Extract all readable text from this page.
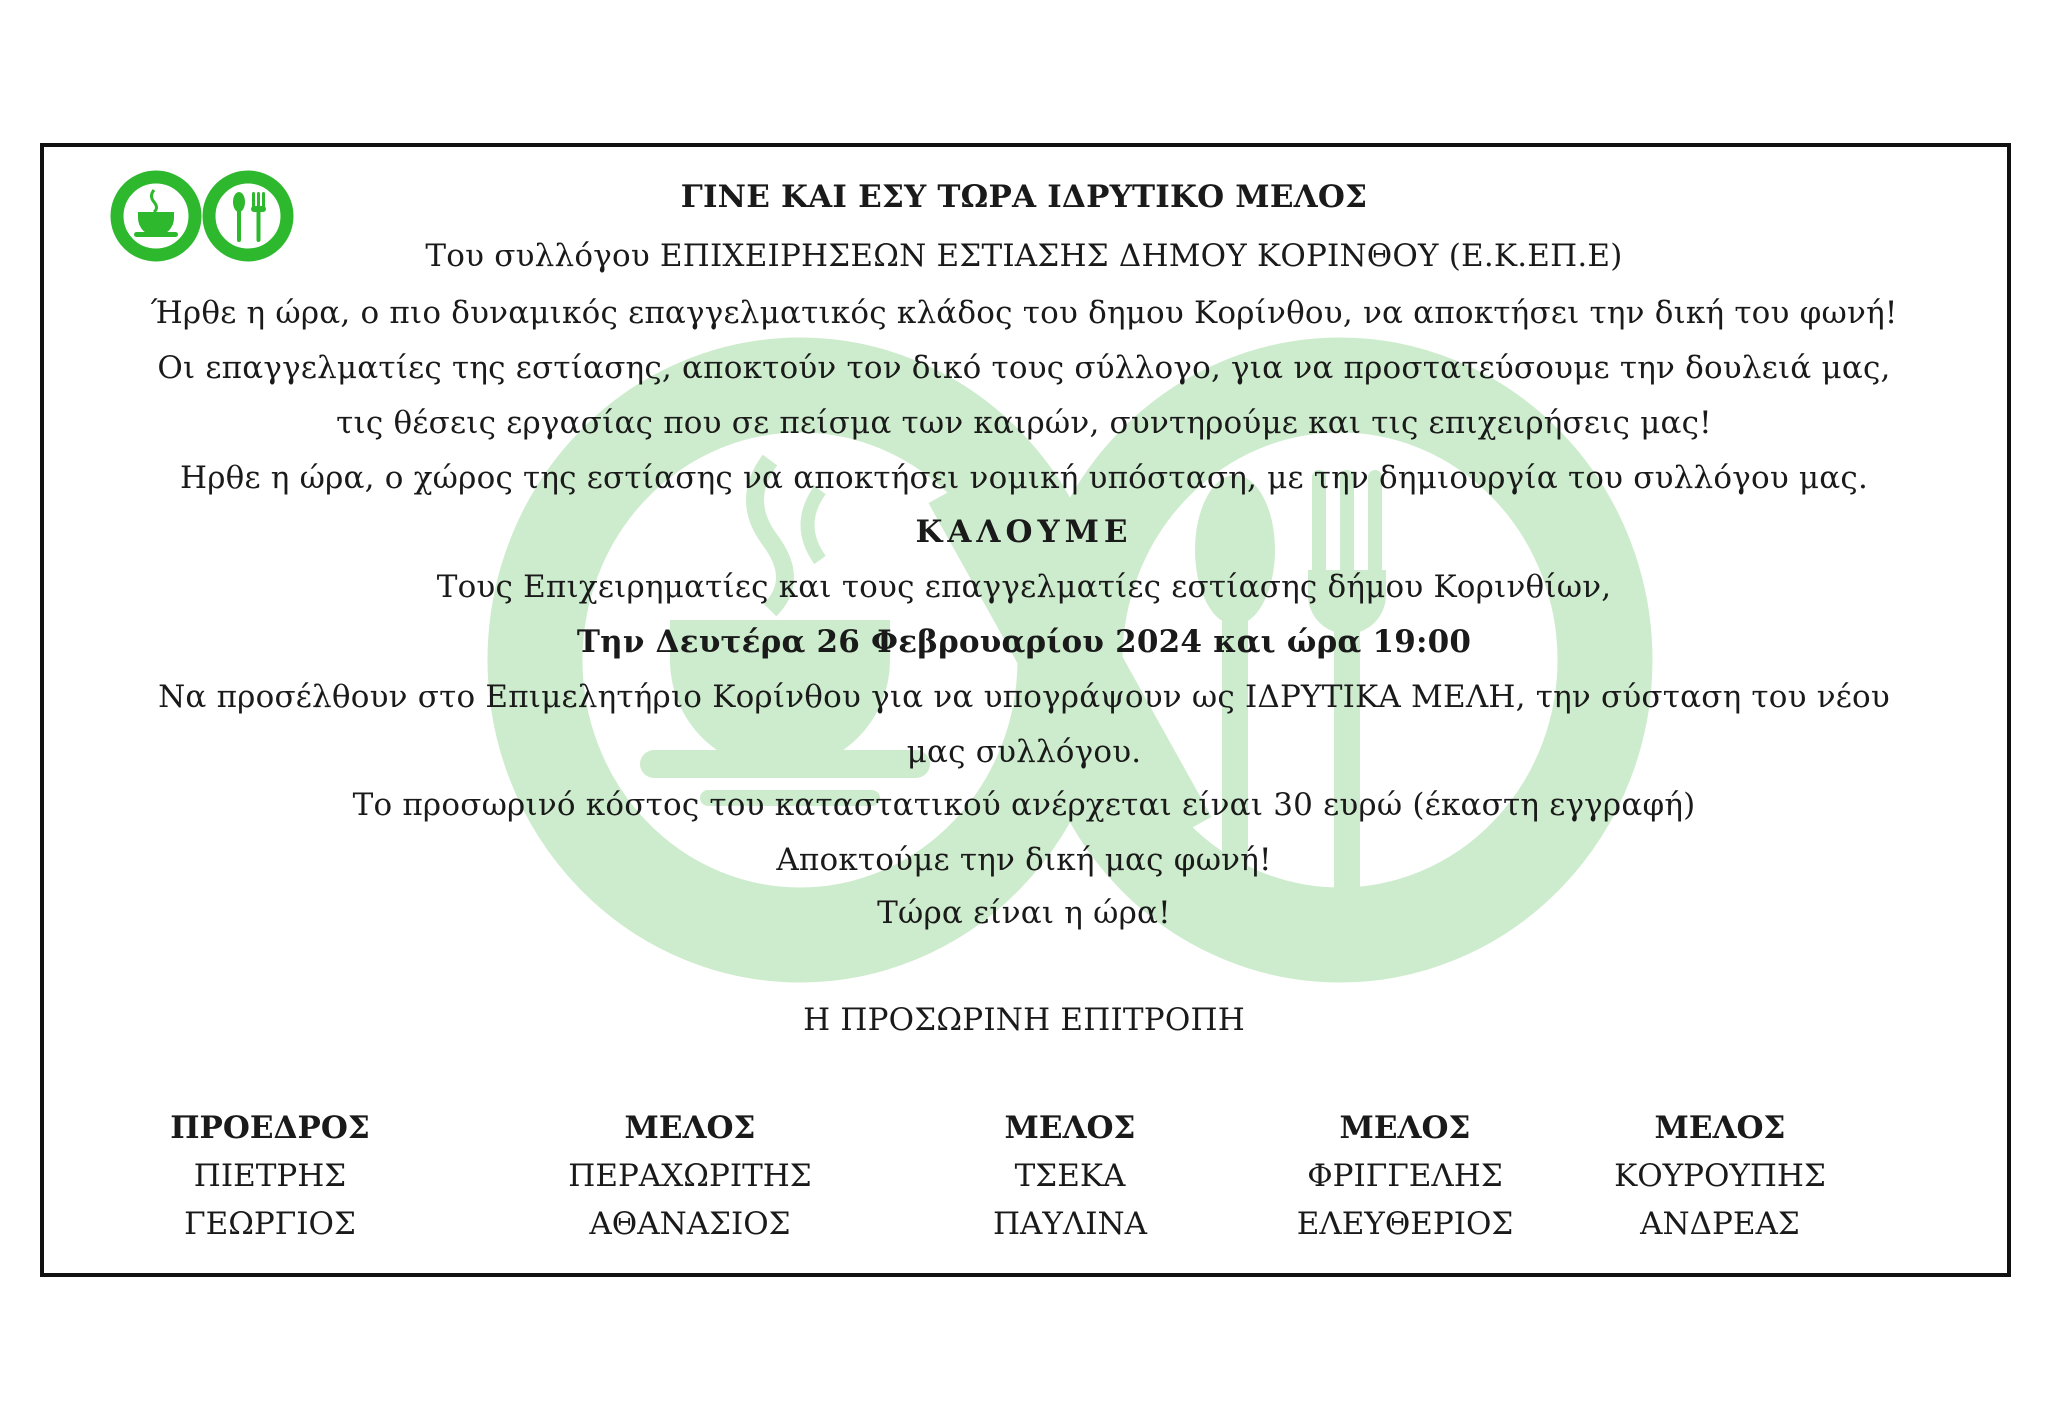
ΓΙΝΕ ΚΑΙ ΕΣΥ ΤΩΡΑ ΙΔΡΥΤΙΚΟ ΜΕΛΟΣ
Του συλλόγου ΕΠΙΧΕΙΡΗΣΕΩΝ ΕΣΤΙΑΣΗΣ ΔΗΜΟΥ ΚΟΡΙΝΘΟΥ (Ε.Κ.ΕΠ.Ε)
Ήρθε η ώρα, ο πιο δυναμικός επαγγελματικός κλάδος του δημου Κορίνθου, να αποκτήσει την δική του φωνή!
Οι επαγγελματίες της εστίασης, αποκτούν τον δικό τους σύλλογο, για να προστατεύσουμε την δουλειά μας,
τις θέσεις εργασίας που σε πείσμα των καιρών, συντηρούμε και τις επιχειρήσεις μας!
Ηρθε η ώρα, ο χώρος της εστίασης να αποκτήσει νομική υπόσταση, με την δημιουργία του συλλόγου μας.
ΚΑΛΟΥΜΕ
Τους Επιχειρηματίες και τους επαγγελματίες εστίασης δήμου Κορινθίων,
Την Δευτέρα 26 Φεβρουαρίου 2024 και ώρα 19:00
Να προσέλθουν στο Επιμελητήριο Κορίνθου για να υπογράψουν ως ΙΔΡΥΤΙΚΑ ΜΕΛΗ, την σύσταση του νέου
μας συλλόγου.
Το προσωρινό κόστος του καταστατικού ανέρχεται είναι 30 ευρώ (έκαστη εγγραφή)
Αποκτούμε την δική μας φωνή!
Τώρα είναι η ώρα!
Η ΠΡΟΣΩΡΙΝΗ ΕΠΙΤΡΟΠΗ
ΠΡΟΕΔΡΟΣ
ΠΙΕΤΡΗΣ
ΓΕΩΡΓΙΟΣ
ΜΕΛΟΣ
ΠΕΡΑΧΩΡΙΤΗΣ
ΑΘΑΝΑΣΙΟΣ
ΜΕΛΟΣ
ΤΣΕΚΑ
ΠΑΥΛΙΝΑ
ΜΕΛΟΣ
ΦΡΙΓΓΕΛΗΣ
ΕΛΕΥΘΕΡΙΟΣ
ΜΕΛΟΣ
ΚΟΥΡΟΥΠΗΣ
ΑΝΔΡΕΑΣ
